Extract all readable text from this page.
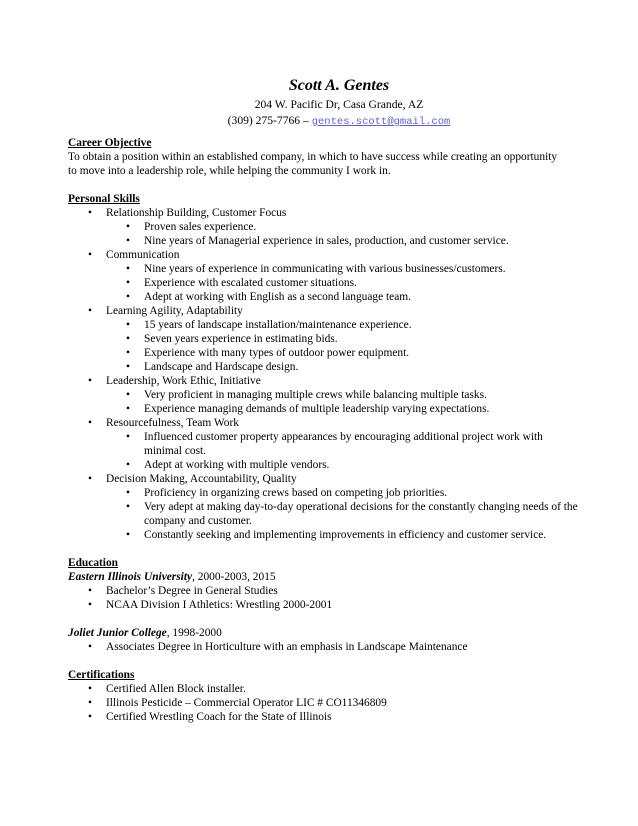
Scott A. Gentes
204 W. Pacific Dr, Casa Grande, AZ
(309) 275-7766 – gentes.scott@gmail.com
Career Objective

To obtain a position within an established company, in which to have success while creating an opportunity

to move into a leadership role, while helping the community I work in.

Personal Skills
• Relationship Building, Customer Focus
• Proven sales experience.
• Nine years of Managerial experience in sales, production, and customer service.
• Communication
• Nine years of experience in communicating with various businesses/customers.
• Experience with escalated customer situations.
• Adept at working with English as a second language team.
• Learning Agility, Adaptability
• 15 years of landscape installation/maintenance experience.
• Seven years experience in estimating bids.
• Experience with many types of outdoor power equipment.
• Landscape and Hardscape design.
• Leadership, Work Ethic, Initiative
• Very proficient in managing multiple crews while balancing multiple tasks.
• Experience managing demands of multiple leadership varying expectations.
• Resourcefulness, Team Work
• Influenced customer property appearances by encouraging additional project work with minimal cost.
• Adept at working with multiple vendors.
• Decision Making, Accountability, Quality
• Proficiency in organizing crews based on competing job priorities.
• Very adept at making day-to-day operational decisions for the constantly changing needs of the company and customer.
• Constantly seeking and implementing improvements in efficiency and customer service.
Education
Eastern Illinois University, 2000-2003, 2015
• Bachelor’s Degree in General Studies
• NCAA Division I Athletics: Wrestling 2000-2001
Joliet Junior College, 1998-2000
• Associates Degree in Horticulture with an emphasis in Landscape Maintenance
Certifications
• Certified Allen Block installer.
• Illinois Pesticide – Commercial Operator LIC # CO11346809
• Certified Wrestling Coach for the State of Illinois
